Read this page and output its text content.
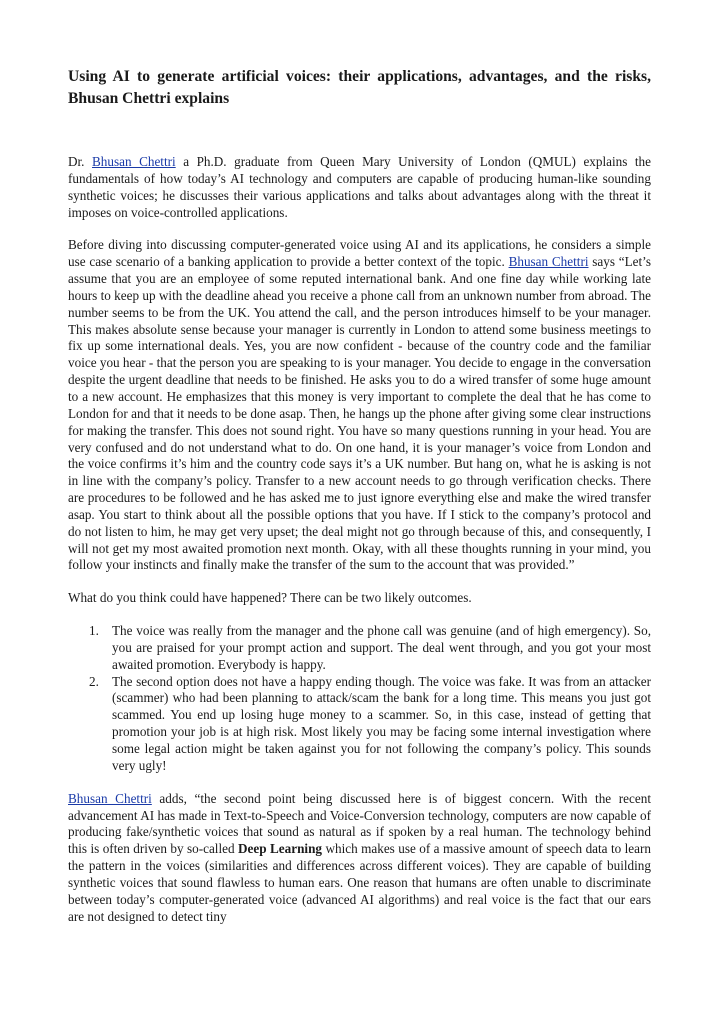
Using AI to generate artificial voices: their applications, advantages, and the risks, Bhusan Chettri explains

Dr. Bhusan Chettri a Ph.D. graduate from Queen Mary University of London (QMUL) explains the fundamentals of how today’s AI technology and computers are capable of producing human-like sounding synthetic voices; he discusses their various applications and talks about advantages along with the threat it imposes on voice-controlled applications.

Before diving into discussing computer-generated voice using AI and its applications, he considers a simple use case scenario of a banking application to provide a better context of the topic. Bhusan Chettri says “Let’s assume that you are an employee of some reputed international bank. And one fine day while working late hours to keep up with the deadline ahead you receive a phone call from an unknown number from abroad. The number seems to be from the UK. You attend the call, and the person introduces himself to be your manager. This makes absolute sense because your manager is currently in London to attend some business meetings to fix up some international deals. Yes, you are now confident - because of the country code and the familiar voice you hear - that the person you are speaking to is your manager. You decide to engage in the conversation despite the urgent deadline that needs to be finished. He asks you to do a wired transfer of some huge amount to a new account. He emphasizes that this money is very important to complete the deal that he has come to London for and that it needs to be done asap. Then, he hangs up the phone after giving some clear instructions for making the transfer. This does not sound right. You have so many questions running in your head. You are very confused and do not understand what to do. On one hand, it is your manager’s voice from London and the voice confirms it’s him and the country code says it’s a UK number. But hang on, what he is asking is not in line with the company’s policy. Transfer to a new account needs to go through verification checks. There are procedures to be followed and he has asked me to just ignore everything else and make the wired transfer asap. You start to think about all the possible options that you have. If I stick to the company’s protocol and do not listen to him, he may get very upset; the deal might not go through because of this, and consequently, I will not get my most awaited promotion next month. Okay, with all these thoughts running in your mind, you follow your instincts and finally make the transfer of the sum to the account that was provided.”

What do you think could have happened? There can be two likely outcomes.

1. The voice was really from the manager and the phone call was genuine (and of high emergency). So, you are praised for your prompt action and support. The deal went through, and you got your most awaited promotion. Everybody is happy.
2. The second option does not have a happy ending though. The voice was fake. It was from an attacker (scammer) who had been planning to attack/scam the bank for a long time. This means you just got scammed. You end up losing huge money to a scammer. So, in this case, instead of getting that promotion your job is at high risk. Most likely you may be facing some internal investigation where some legal action might be taken against you for not following the company’s policy. This sounds very ugly!

Bhusan Chettri adds, “the second point being discussed here is of biggest concern. With the recent advancement AI has made in Text-to-Speech and Voice-Conversion technology, computers are now capable of producing fake/synthetic voices that sound as natural as if spoken by a real human. The technology behind this is often driven by so-called Deep Learning which makes use of a massive amount of speech data to learn the pattern in the voices (similarities and differences across different voices). They are capable of building synthetic voices that sound flawless to human ears. One reason that humans are often unable to discriminate between today’s computer-generated voice (advanced AI algorithms) and real voice is the fact that our ears are not designed to detect tiny
